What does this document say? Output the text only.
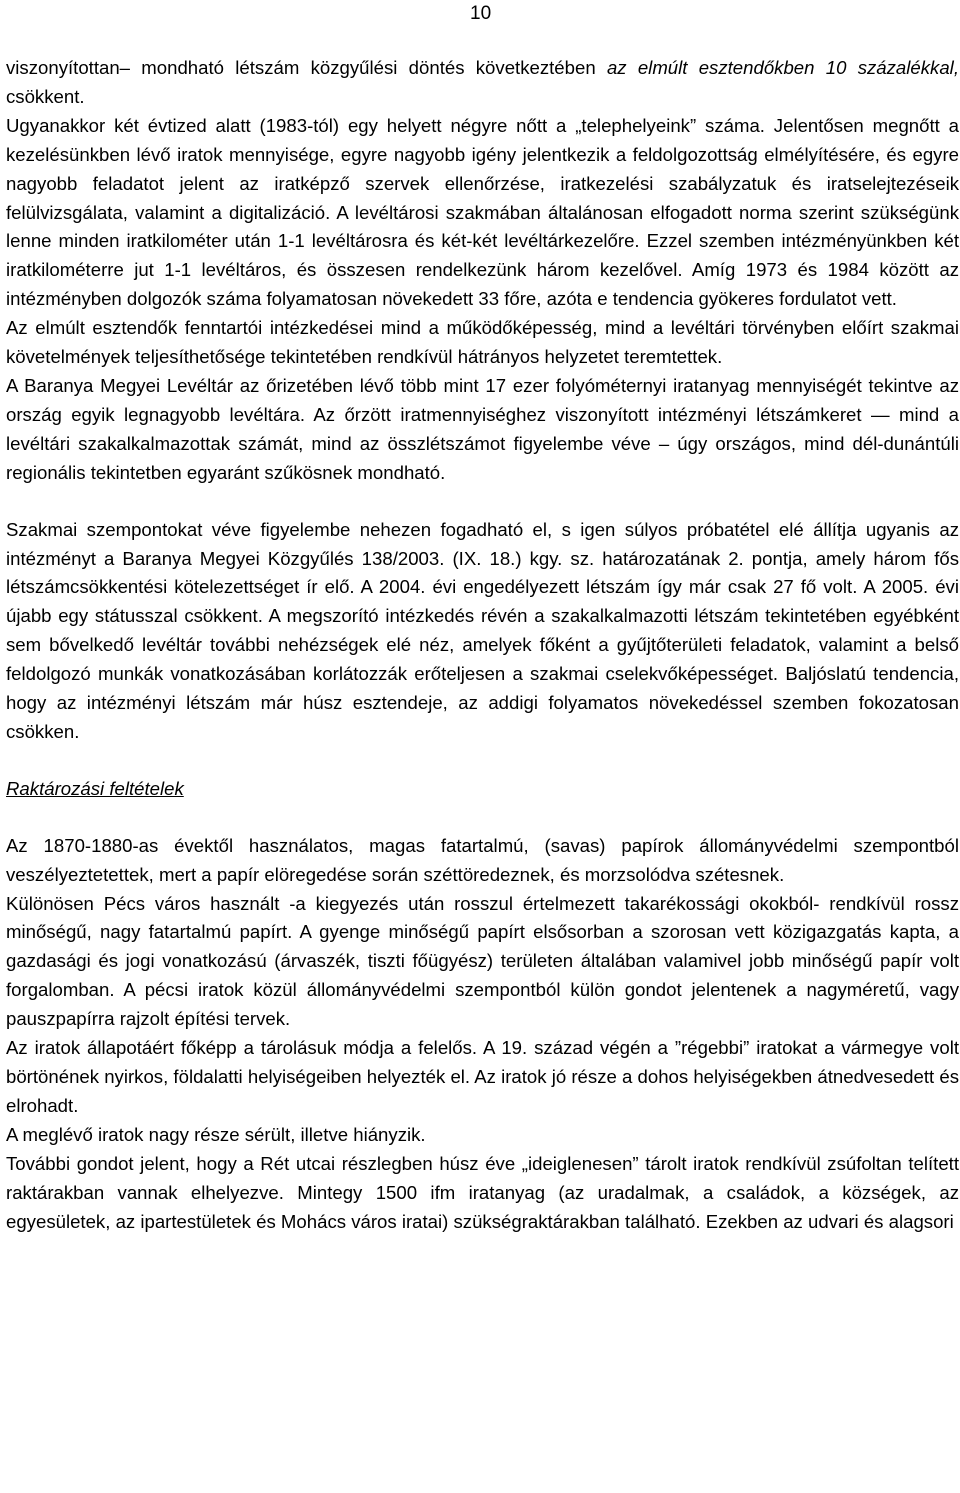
10

viszonyítottan– mondható létszám közgyűlési döntés következtében az elmúlt esztendőkben 10 százalékkal, csökkent.

Ugyanakkor két évtized alatt (1983-tól) egy helyett négyre nőtt a „telephelyeink” száma. Jelentősen megnőtt a kezelésünkben lévő iratok mennyisége, egyre nagyobb igény jelentkezik a feldolgozottság elmélyítésére, és egyre nagyobb feladatot jelent az iratképző szervek ellenőrzése, iratkezelési szabályzatuk és iratselejtezéseik felülvizsgálata, valamint a digitalizáció. A levéltárosi szakmában általánosan elfogadott norma szerint szükségünk lenne minden iratkilométer után 1-1 levéltárosra és két-két levéltárkezelőre. Ezzel szemben intézményünkben két iratkilométerre jut 1-1 levéltáros, és összesen rendelkezünk három kezelővel. Amíg 1973 és 1984 között az intézményben dolgozók száma folyamatosan növekedett 33 főre, azóta e tendencia gyökeres fordulatot vett.

Az elmúlt esztendők fenntartói intézkedései mind a működőképesség, mind a levéltári törvényben előírt szakmai követelmények teljesíthetősége tekintetében rendkívül hátrányos helyzetet teremtettek.

A Baranya Megyei Levéltár az őrizetében lévő több mint 17 ezer folyóméternyi iratanyag mennyiségét tekintve az ország egyik legnagyobb levéltára. Az őrzött iratmennyiséghez viszonyított intézményi létszámkeret — mind a levéltári szakalkalmazottak számát, mind az összlétszámot figyelembe véve – úgy országos, mind dél-dunántúli regionális tekintetben egyaránt szűkösnek mondható.

Szakmai szempontokat véve figyelembe nehezen fogadható el, s igen súlyos próbatétel elé állítja ugyanis az intézményt a Baranya Megyei Közgyűlés 138/2003. (IX. 18.) kgy. sz. határozatának 2. pontja, amely három fős létszámcsökkentési kötelezettséget ír elő. A 2004. évi engedélyezett létszám így már csak 27 fő volt. A 2005. évi újabb egy státusszal csökkent. A megszorító intézkedés révén a szakalkalmazotti létszám tekintetében egyébként sem bővelkedő levéltár további nehézségek elé néz, amelyek főként a gyűjtőterületi feladatok, valamint a belső feldolgozó munkák vonatkozásában korlátozzák erőteljesen a szakmai cselekvőképességet. Baljóslatú tendencia, hogy az intézményi létszám már húsz esztendeje, az addigi folyamatos növekedéssel szemben fokozatosan csökken.

Raktározási feltételek

Az 1870-1880-as évektől használatos, magas fatartalmú, (savas) papírok állományvédelmi szempontból veszélyeztetettek, mert a papír elöregedése során széttöredeznek, és morzsolódva szétesnek.

Különösen Pécs város használt -a kiegyezés után rosszul értelmezett takarékossági okokból- rendkívül rossz minőségű, nagy fatartalmú papírt. A gyenge minőségű papírt elsősorban a szorosan vett közigazgatás kapta, a gazdasági és jogi vonatkozású (árvaszék, tiszti főügyész) területen általában valamivel jobb minőségű papír volt forgalomban. A pécsi iratok közül állományvédelmi szempontból külön gondot jelentenek a nagyméretű, vagy pauszpapírra rajzolt építési tervek.

Az iratok állapotáért főképp a tárolásuk módja a felelős. A 19. század végén a ”régebbi” iratokat a vármegye volt börtönének nyirkos, földalatti helyiségeiben helyezték el. Az iratok jó része a dohos helyiségekben átnedvesedett és elrohadt.

A meglévő iratok nagy része sérült, illetve hiányzik.

További gondot jelent, hogy a Rét utcai részlegben húsz éve „ideiglenesen” tárolt iratok rendkívül zsúfoltan telített raktárakban vannak elhelyezve. Mintegy 1500 ifm iratanyag (az uradalmak, a családok, a községek, az egyesületek, az ipartestületek és Mohács város iratai) szükségraktárakban található. Ezekben az udvari és alagsori
